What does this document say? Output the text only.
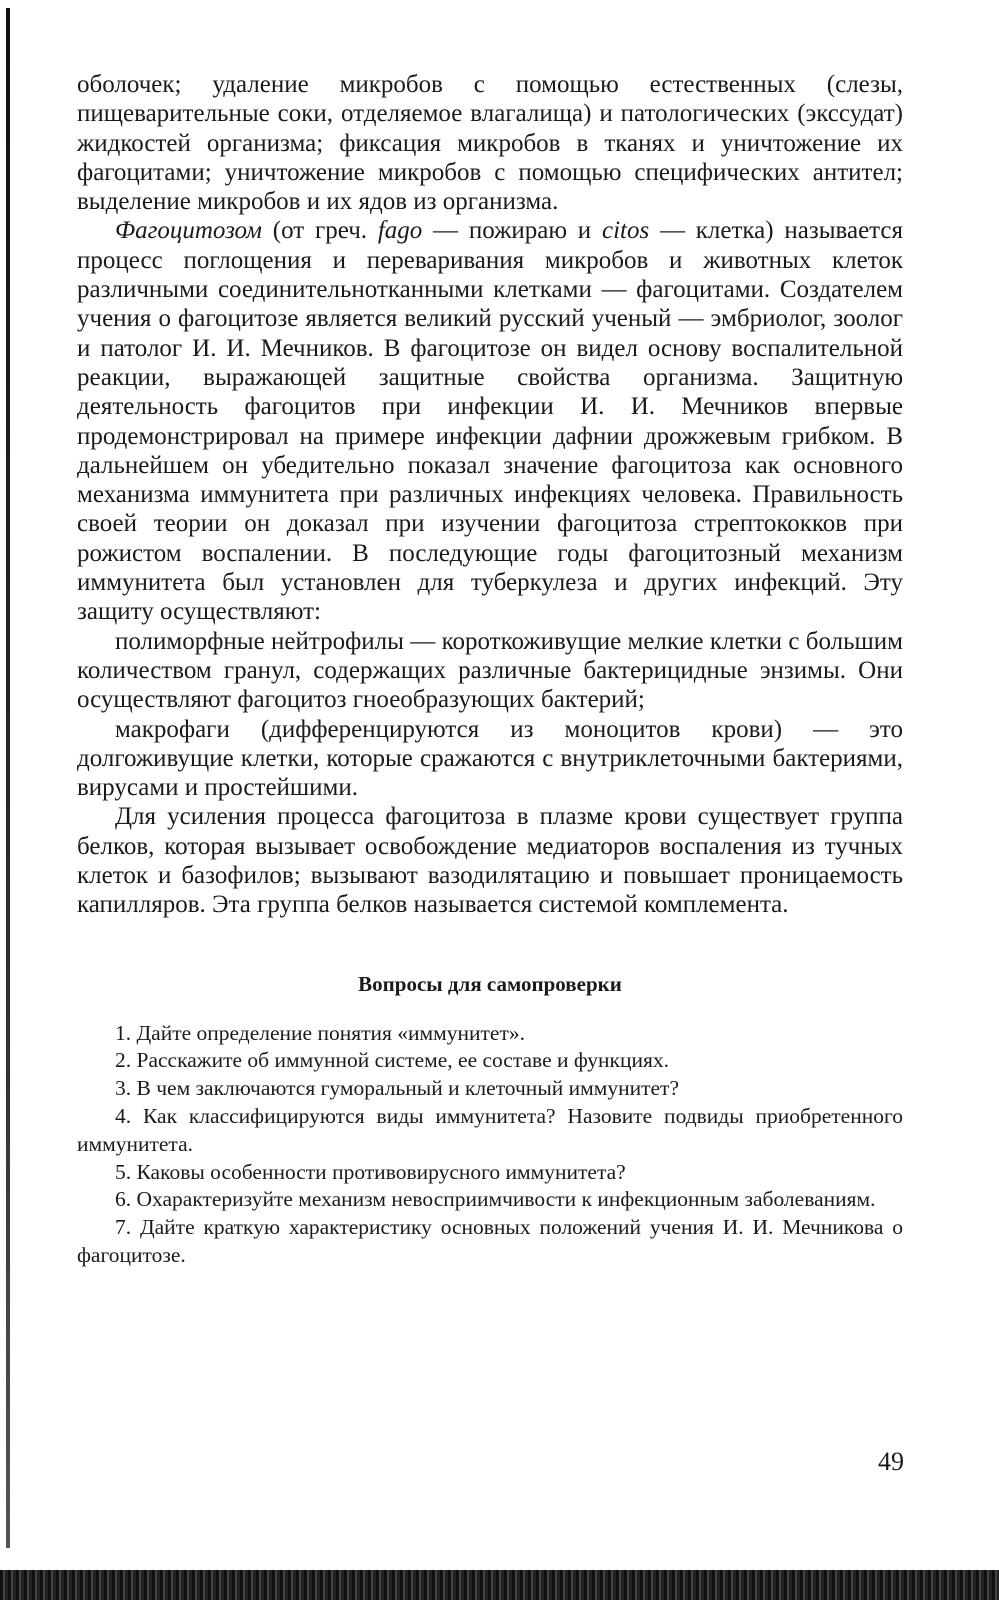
оболочек; удаление микробов с помощью естественных (слезы, пищеварительные соки, отделяемое влагалища) и патологических (экссудат) жидкостей организма; фиксация микробов в тканях и уничтожение их фагоцитами; уничтожение микробов с помощью специфических антител; выделение микробов и их ядов из организма.

Фагоцитозом (от греч. fago — пожираю и citos — клетка) называется процесс поглощения и переваривания микробов и животных клеток различными соединительнотканными клетками — фагоцитами. Создателем учения о фагоцитозе является великий русский ученый — эмбриолог, зоолог и патолог И. И. Мечников. В фагоцитозе он видел основу воспалительной реакции, выражающей защитные свойства организма. Защитную деятельность фагоцитов при инфекции И. И. Мечников впервые продемонстрировал на примере инфекции дафнии дрожжевым грибком. В дальнейшем он убедительно показал значение фагоцитоза как основного механизма иммунитета при различных инфекциях человека. Правильность своей теории он доказал при изучении фагоцитоза стрептококков при рожистом воспалении. В последующие годы фагоцитозный механизм иммунитета был установлен для туберкулеза и других инфекций. Эту защиту осуществляют:

полиморфные нейтрофилы — короткоживущие мелкие клетки с большим количеством гранул, содержащих различные бактерицидные энзимы. Они осуществляют фагоцитоз гноеобразующих бактерий;

макрофаги (дифференцируются из моноцитов крови) — это долгоживущие клетки, которые сражаются с внутриклеточными бактериями, вирусами и простейшими.

Для усиления процесса фагоцитоза в плазме крови существует группа белков, которая вызывает освобождение медиаторов воспаления из тучных клеток и базофилов; вызывают вазодилятацию и повышает проницаемость капилляров. Эта группа белков называется системой комплемента.

Вопросы для самопроверки
1. Дайте определение понятия «иммунитет».
2. Расскажите об иммунной системе, ее составе и функциях.
3. В чем заключаются гуморальный и клеточный иммунитет?
4. Как классифицируются виды иммунитета? Назовите подвиды приобретенного иммунитета.
5. Каковы особенности противовирусного иммунитета?
6. Охарактеризуйте механизм невосприимчивости к инфекционным заболеваниям.
7. Дайте краткую характеристику основных положений учения И. И. Мечникова о фагоцитозе.
49
